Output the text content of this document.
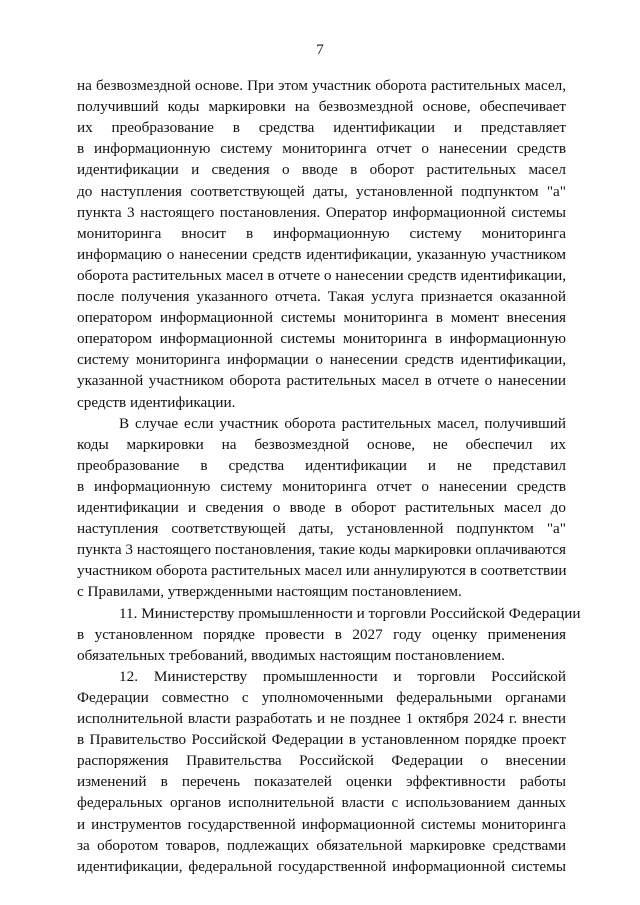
7
на безвозмездной основе. При этом участник оборота растительных масел,
получивший коды маркировки на безвозмездной основе, обеспечивает
их преобразование в средства идентификации и представляет
в информационную систему мониторинга отчет о нанесении средств
идентификации и сведения о вводе в оборот растительных масел
до наступления соответствующей даты, установленной подпунктом "а"
пункта 3 настоящего постановления. Оператор информационной системы
мониторинга вносит в информационную систему мониторинга
информацию о нанесении средств идентификации, указанную участником
оборота растительных масел в отчете о нанесении средств идентификации,
после получения указанного отчета. Такая услуга признается оказанной
оператором информационной системы мониторинга в момент внесения
оператором информационной системы мониторинга в информационную
систему мониторинга информации о нанесении средств идентификации,
указанной участником оборота растительных масел в отчете о нанесении
средств идентификации.
В случае если участник оборота растительных масел, получивший
коды маркировки на безвозмездной основе, не обеспечил их
преобразование в средства идентификации и не представил
в информационную систему мониторинга отчет о нанесении средств
идентификации и сведения о вводе в оборот растительных масел до
наступления соответствующей даты, установленной подпунктом "а"
пункта 3 настоящего постановления, такие коды маркировки оплачиваются
участником оборота растительных масел или аннулируются в соответствии
с Правилами, утвержденными настоящим постановлением.
11. Министерству промышленности и торговли Российской Федерации
в установленном порядке провести в 2027 году оценку применения
обязательных требований, вводимых настоящим постановлением.
12. Министерству промышленности и торговли Российской
Федерации совместно с уполномоченными федеральными органами
исполнительной власти разработать и не позднее 1 октября 2024 г. внести
в Правительство Российской Федерации в установленном порядке проект
распоряжения Правительства Российской Федерации о внесении
изменений в перечень показателей оценки эффективности работы
федеральных органов исполнительной власти с использованием данных
и инструментов государственной информационной системы мониторинга
за оборотом товаров, подлежащих обязательной маркировке средствами
идентификации, федеральной государственной информационной системы
